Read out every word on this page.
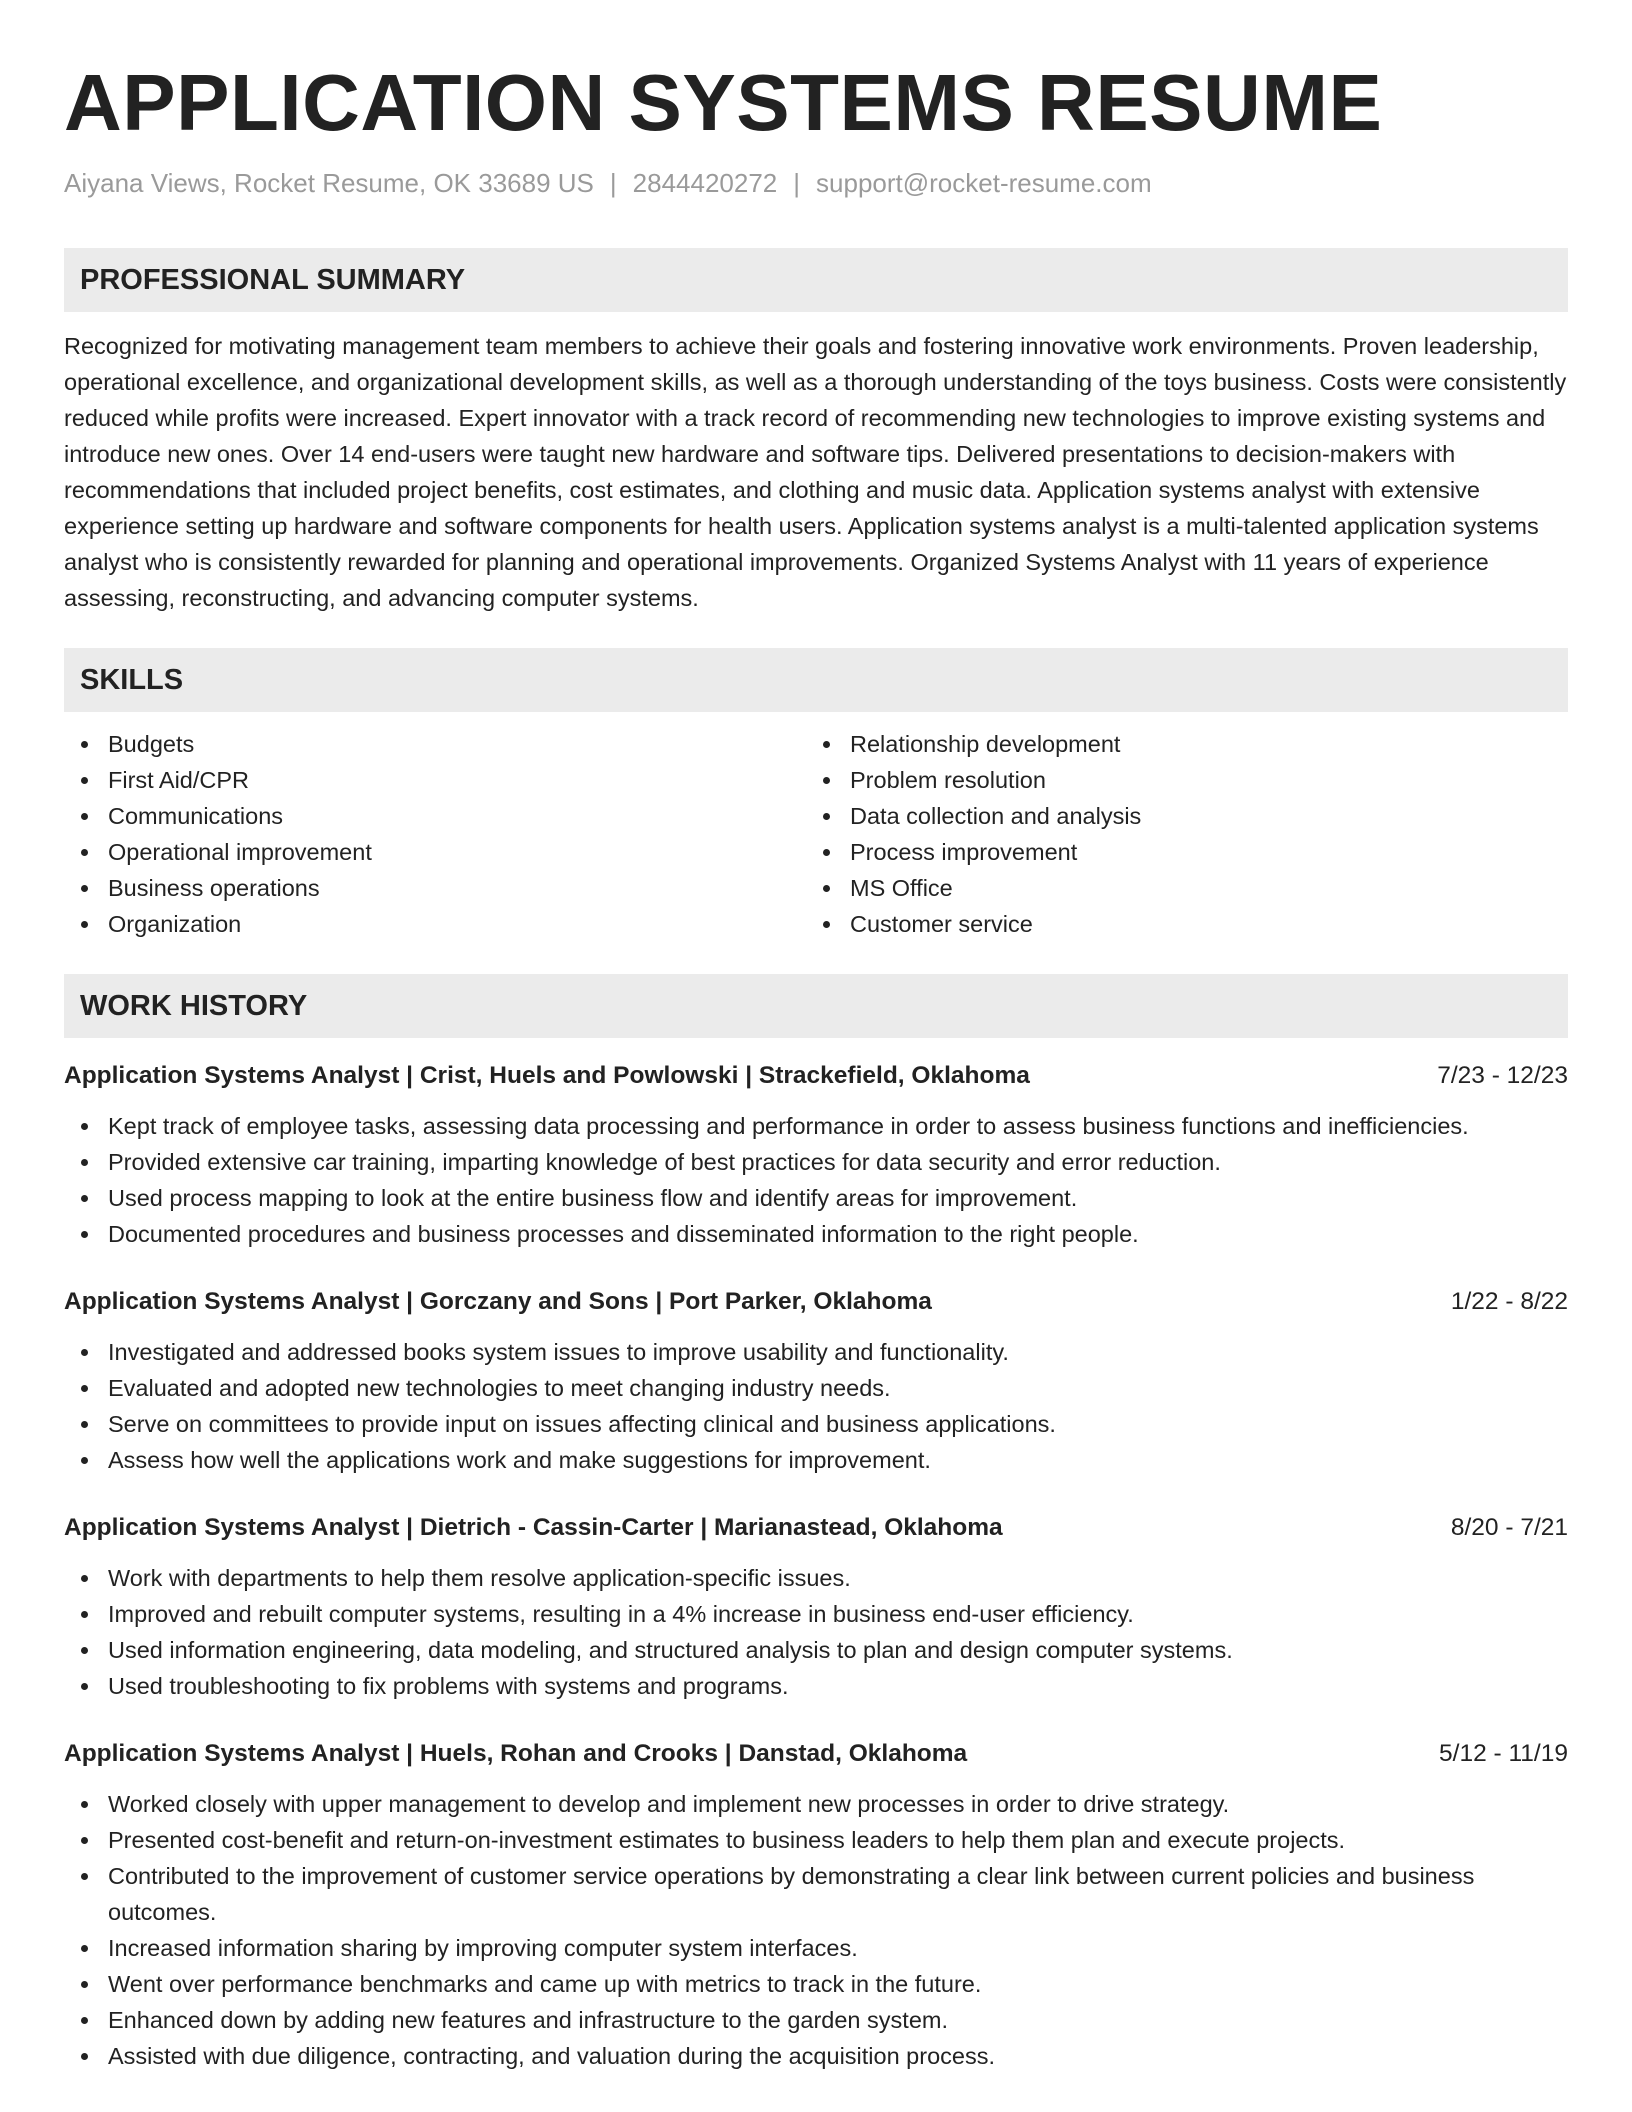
APPLICATION SYSTEMS RESUME
Aiyana Views, Rocket Resume, OK 33689 US | 2844420272 | support@rocket-resume.com
PROFESSIONAL SUMMARY
Recognized for motivating management team members to achieve their goals and fostering innovative work environments. Proven leadership, operational excellence, and organizational development skills, as well as a thorough understanding of the toys business. Costs were consistently reduced while profits were increased. Expert innovator with a track record of recommending new technologies to improve existing systems and introduce new ones. Over 14 end-users were taught new hardware and software tips. Delivered presentations to decision-makers with recommendations that included project benefits, cost estimates, and clothing and music data. Application systems analyst with extensive experience setting up hardware and software components for health users. Application systems analyst is a multi-talented application systems analyst who is consistently rewarded for planning and operational improvements. Organized Systems Analyst with 11 years of experience assessing, reconstructing, and advancing computer systems.
SKILLS
Budgets
First Aid/CPR
Communications
Operational improvement
Business operations
Organization
Relationship development
Problem resolution
Data collection and analysis
Process improvement
MS Office
Customer service
WORK HISTORY
Application Systems Analyst | Crist, Huels and Powlowski | Strackefield, Oklahoma	7/23 - 12/23
Kept track of employee tasks, assessing data processing and performance in order to assess business functions and inefficiencies.
Provided extensive car training, imparting knowledge of best practices for data security and error reduction.
Used process mapping to look at the entire business flow and identify areas for improvement.
Documented procedures and business processes and disseminated information to the right people.
Application Systems Analyst | Gorczany and Sons | Port Parker, Oklahoma	1/22 - 8/22
Investigated and addressed books system issues to improve usability and functionality.
Evaluated and adopted new technologies to meet changing industry needs.
Serve on committees to provide input on issues affecting clinical and business applications.
Assess how well the applications work and make suggestions for improvement.
Application Systems Analyst | Dietrich - Cassin-Carter | Marianastead, Oklahoma	8/20 - 7/21
Work with departments to help them resolve application-specific issues.
Improved and rebuilt computer systems, resulting in a 4% increase in business end-user efficiency.
Used information engineering, data modeling, and structured analysis to plan and design computer systems.
Used troubleshooting to fix problems with systems and programs.
Application Systems Analyst | Huels, Rohan and Crooks | Danstad, Oklahoma	5/12 - 11/19
Worked closely with upper management to develop and implement new processes in order to drive strategy.
Presented cost-benefit and return-on-investment estimates to business leaders to help them plan and execute projects.
Contributed to the improvement of customer service operations by demonstrating a clear link between current policies and business outcomes.
Increased information sharing by improving computer system interfaces.
Went over performance benchmarks and came up with metrics to track in the future.
Enhanced down by adding new features and infrastructure to the garden system.
Assisted with due diligence, contracting, and valuation during the acquisition process.
